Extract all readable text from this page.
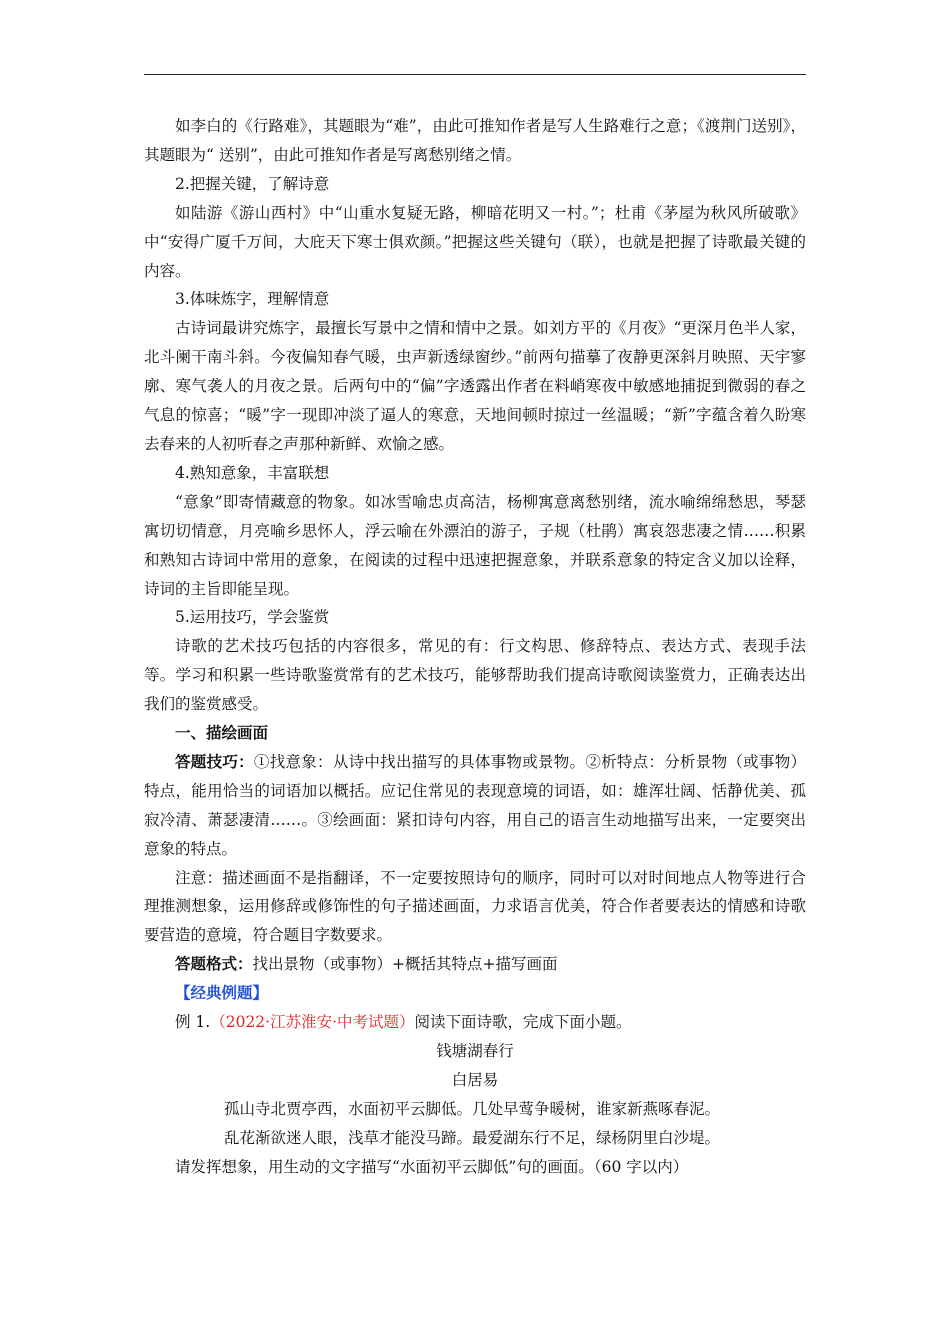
如李白的《行路难》，其题眼为“难”，由此可推知作者是写人生路难行之意；《渡荆门送别》，其题眼为“ 送别”，由此可推知作者是写离愁别绪之情。

2.把握关键，了解诗意

如陆游《游山西村》中“山重水复疑无路，柳暗花明又一村。”；杜甫《茅屋为秋风所破歌》中“安得广厦千万间，大庇天下寒士俱欢颜。”把握这些关键句（联），也就是把握了诗歌最关键的内容。

3.体味炼字，理解情意

古诗词最讲究炼字，最擅长写景中之情和情中之景。如刘方平的《月夜》“更深月色半人家，北斗阑干南斗斜。今夜偏知春气暖，虫声新透绿窗纱。”前两句描摹了夜静更深斜月映照、天宇寥廓、寒气袭人的月夜之景。后两句中的“偏”字透露出作者在料峭寒夜中敏感地捕捉到微弱的春之气息的惊喜；“暖”字一现即冲淡了逼人的寒意，天地间顿时掠过一丝温暖；“新”字蕴含着久盼寒去春来的人初听春之声那种新鲜、欢愉之感。

4.熟知意象，丰富联想

“意象”即寄情藏意的物象。如冰雪喻忠贞高洁，杨柳寓意离愁别绪，流水喻绵绵愁思，琴瑟寓切切情意，月亮喻乡思怀人，浮云喻在外漂泊的游子，子规（杜鹃）寓哀怨悲凄之情……积累和熟知古诗词中常用的意象，在阅读的过程中迅速把握意象，并联系意象的特定含义加以诠释，诗词的主旨即能呈现。

5.运用技巧，学会鉴赏

诗歌的艺术技巧包括的内容很多，常见的有：行文构思、修辞特点、表达方式、表现手法等。学习和积累一些诗歌鉴赏常有的艺术技巧，能够帮助我们提高诗歌阅读鉴赏力，正确表达出我们的鉴赏感受。

一、描绘画面

答题技巧：①找意象：从诗中找出描写的具体事物或景物。②析特点：分析景物（或事物）特点，能用恰当的词语加以概括。应记住常见的表现意境的词语，如：雄浑壮阔、恬静优美、孤寂冷清、萧瑟凄清……。③绘画面：紧扣诗句内容，用自己的语言生动地描写出来，一定要突出意象的特点。

注意：描述画面不是指翻译，不一定要按照诗句的顺序，同时可以对时间地点人物等进行合理推测想象，运用修辞或修饰性的句子描述画面，力求语言优美，符合作者要表达的情感和诗歌要营造的意境，符合题目字数要求。

答题格式：找出景物（或事物）+概括其特点+描写画面

【经典例题】

例 1.（2022·江苏淮安·中考试题）阅读下面诗歌，完成下面小题。

钱塘湖春行

白居易

孤山寺北贾亭西，水面初平云脚低。几处早莺争暖树，谁家新燕啄春泥。

乱花渐欲迷人眼，浅草才能没马蹄。最爱湖东行不足，绿杨阴里白沙堤。

请发挥想象，用生动的文字描写“水面初平云脚低”句的画面。（60 字以内）
